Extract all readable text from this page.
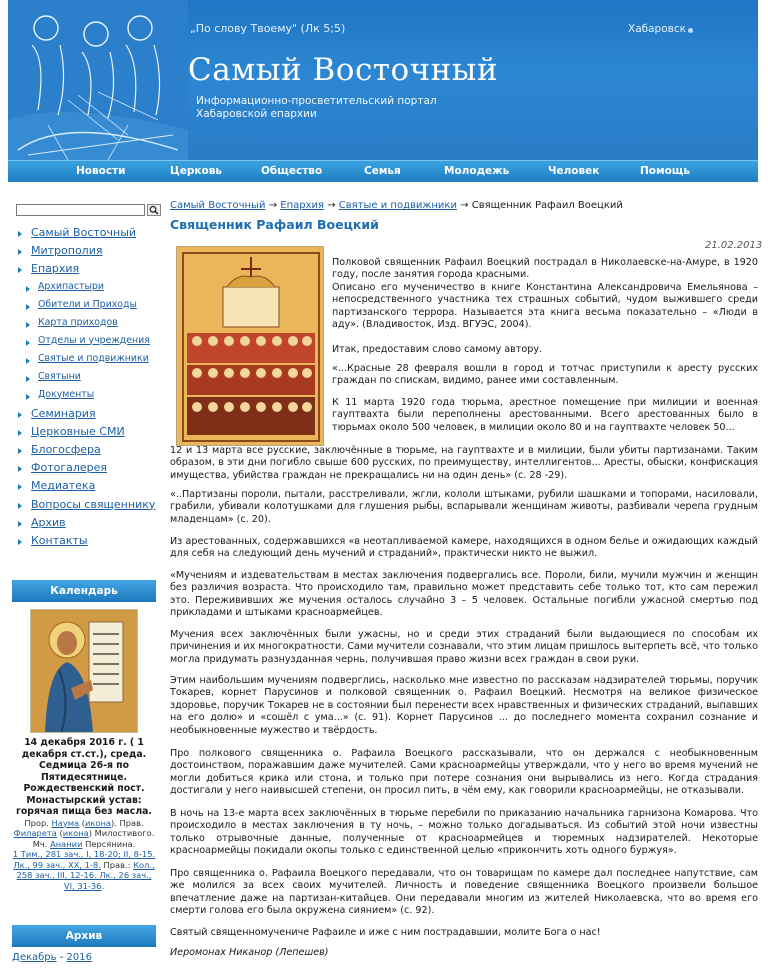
„По слову Твоему" (Лк 5;5)	Хабаровск
Самый Восточный
Информационно-просветительский портал
Хабаровской епархии
Новости	Церковь	Общество	Семья	Молодежь	Человек	Помощь
Самый Восточный
Митрополия
Епархия
Архипастыри
Обители и Приходы
Карта приходов
Отделы и учреждения
Святые и подвижники
Святыни
Документы
Семинария
Церковные СМИ
Блогосфера
Фотогалерея
Медиатека
Вопросы священнику
Архив
Контакты
Календарь
14 декабря 2016 г. ( 1 декабря ст.ст.), среда. Седмица 26-я по Пятидесятнице.
Рождественский пост. Монастырский устав: горячая пища без масла.
Прор. Наума (икона). Прав. Филарета (икона) Милостивого. Мч. Анании Персянина.
1 Тим., 281 зач., I, 18-20; II, 8-15. Лк., 99 зач., XX, 1-8. Прав.: Кол., 258 зач., III, 12-16. Лк., 26 зач., VI, 31-36.
Архив
Декабрь - 2016
Самый Восточный → Епархия → Святые и подвижники → Священник Рафаил Воецкий
Священник Рафаил Воецкий
21.02.2013
Полковой священник Рафаил Воецкий пострадал в Николаевске-на-Амуре, в 1920 году, после занятия города красными.
Описано его мученичество в книге Константина Александровича Емельянова – непосредственного участника тех страшных событий, чудом выжившего среди партизанского террора. Называется эта книга весьма показательно – «Люди в аду». (Владивосток, Изд. ВГУЭС, 2004).
Итак, предоставим слово самому автору.
«...Красные 28 февраля вошли в город и тотчас приступили к аресту русских граждан по спискам, видимо, ранее ими составленным.
К 11 марта 1920 года тюрьма, арестное помещение при милиции и военная гауптвахта были переполнены арестованными. Всего арестованных было в тюрьмах около 500 человек, в милиции около 80 и на гауптвахте человек 50...
12 и 13 марта все русские, заключённые в тюрьме, на гауптвахте и в милиции, были убиты партизанами. Таким образом, в эти дни погибло свыше 600 русских, по преимуществу, интеллигентов... Аресты, обыски, конфискация имущества, убийства граждан не прекращались ни на один день» (с. 28 -29).
«..Партизаны пороли, пытали, расстреливали, жгли, кололи штыками, рубили шашками и топорами, насиловали, грабили, убивали колотушками для глушения рыбы, вспарывали женщинам животы, разбивали черепа грудным младенцам» (с. 20).
Из арестованных, содержавшихся «в неотапливаемой камере, находящихся в одном белье и ожидающих каждый для себя на следующий день мучений и страданий», практически никто не выжил.
«Мучениям и издевательствам в местах заключения подвергались все. Пороли, били, мучили мужчин и женщин без различия возраста. Что происходило там, правильно может представить себе только тот, кто сам пережил это. Пережививших же мучения осталось случайно 3 – 5 человек. Остальные погибли ужасной смертью под прикладами и штыками красноармейцев.
Мучения всех заключённых были ужасны, но и среди этих страданий были выдающиеся по способам их причинения и их многократности. Сами мучители сознавали, что этим лицам пришлось вытерпеть всё, что только могла придумать разнузданная чернь, получившая право жизни всех граждан в свои руки.
Этим наибольшим мучениям подверглись, насколько мне известно по рассказам надзирателей тюрьмы, поручик Токарев, корнет Парусинов и полковой священник о. Рафаил Воецкий. Несмотря на великое физическое здоровье, поручик Токарев не в состоянии был перенести всех нравственных и физических страданий, выпавших на его долю» и «сошёл с ума...» (с. 91). Корнет Парусинов ... до последнего момента сохранил сознание и необыкновенные мужество и твёрдость.
Про полкового священника о. Рафаила Воецкого рассказывали, что он держался с необыкновенным достоинством, поражавшим даже мучителей. Сами красноармейцы утверждали, что у него во время мучений не могли добиться крика или стона, и только при потере сознания они вырывались из него. Когда страдания достигали у него наивысшей степени, он просил пить, в чём ему, как говорили красноармейцы, не отказывали.
В ночь на 13-е марта всех заключённых в тюрьме перебили по приказанию начальника гарнизона Комарова. Что происходило в местах заключения в ту ночь, – можно только догадываться. Из событий этой ночи известны только отрывочные данные, полученные от красноармейцев и тюремных надзирателей. Некоторые красноармейцы покидали окопы только с единственной целью «прикончить хоть одного буржуя».
Про священника о. Рафаила Воецкого передавали, что он товарищам по камере дал последнее напутствие, сам же молился за всех своих мучителей. Личность и поведение священника Воецкого произвели большое впечатление даже на партизан-китайцев. Они передавали многим из жителей Николаевска, что во время его смерти голова его была окружена сиянием» (с. 92).
Святый священномучениче Рафаиле и иже с ним пострадавшии, молите Бога о нас!
Иеромонах Никанор (Лепешев)
